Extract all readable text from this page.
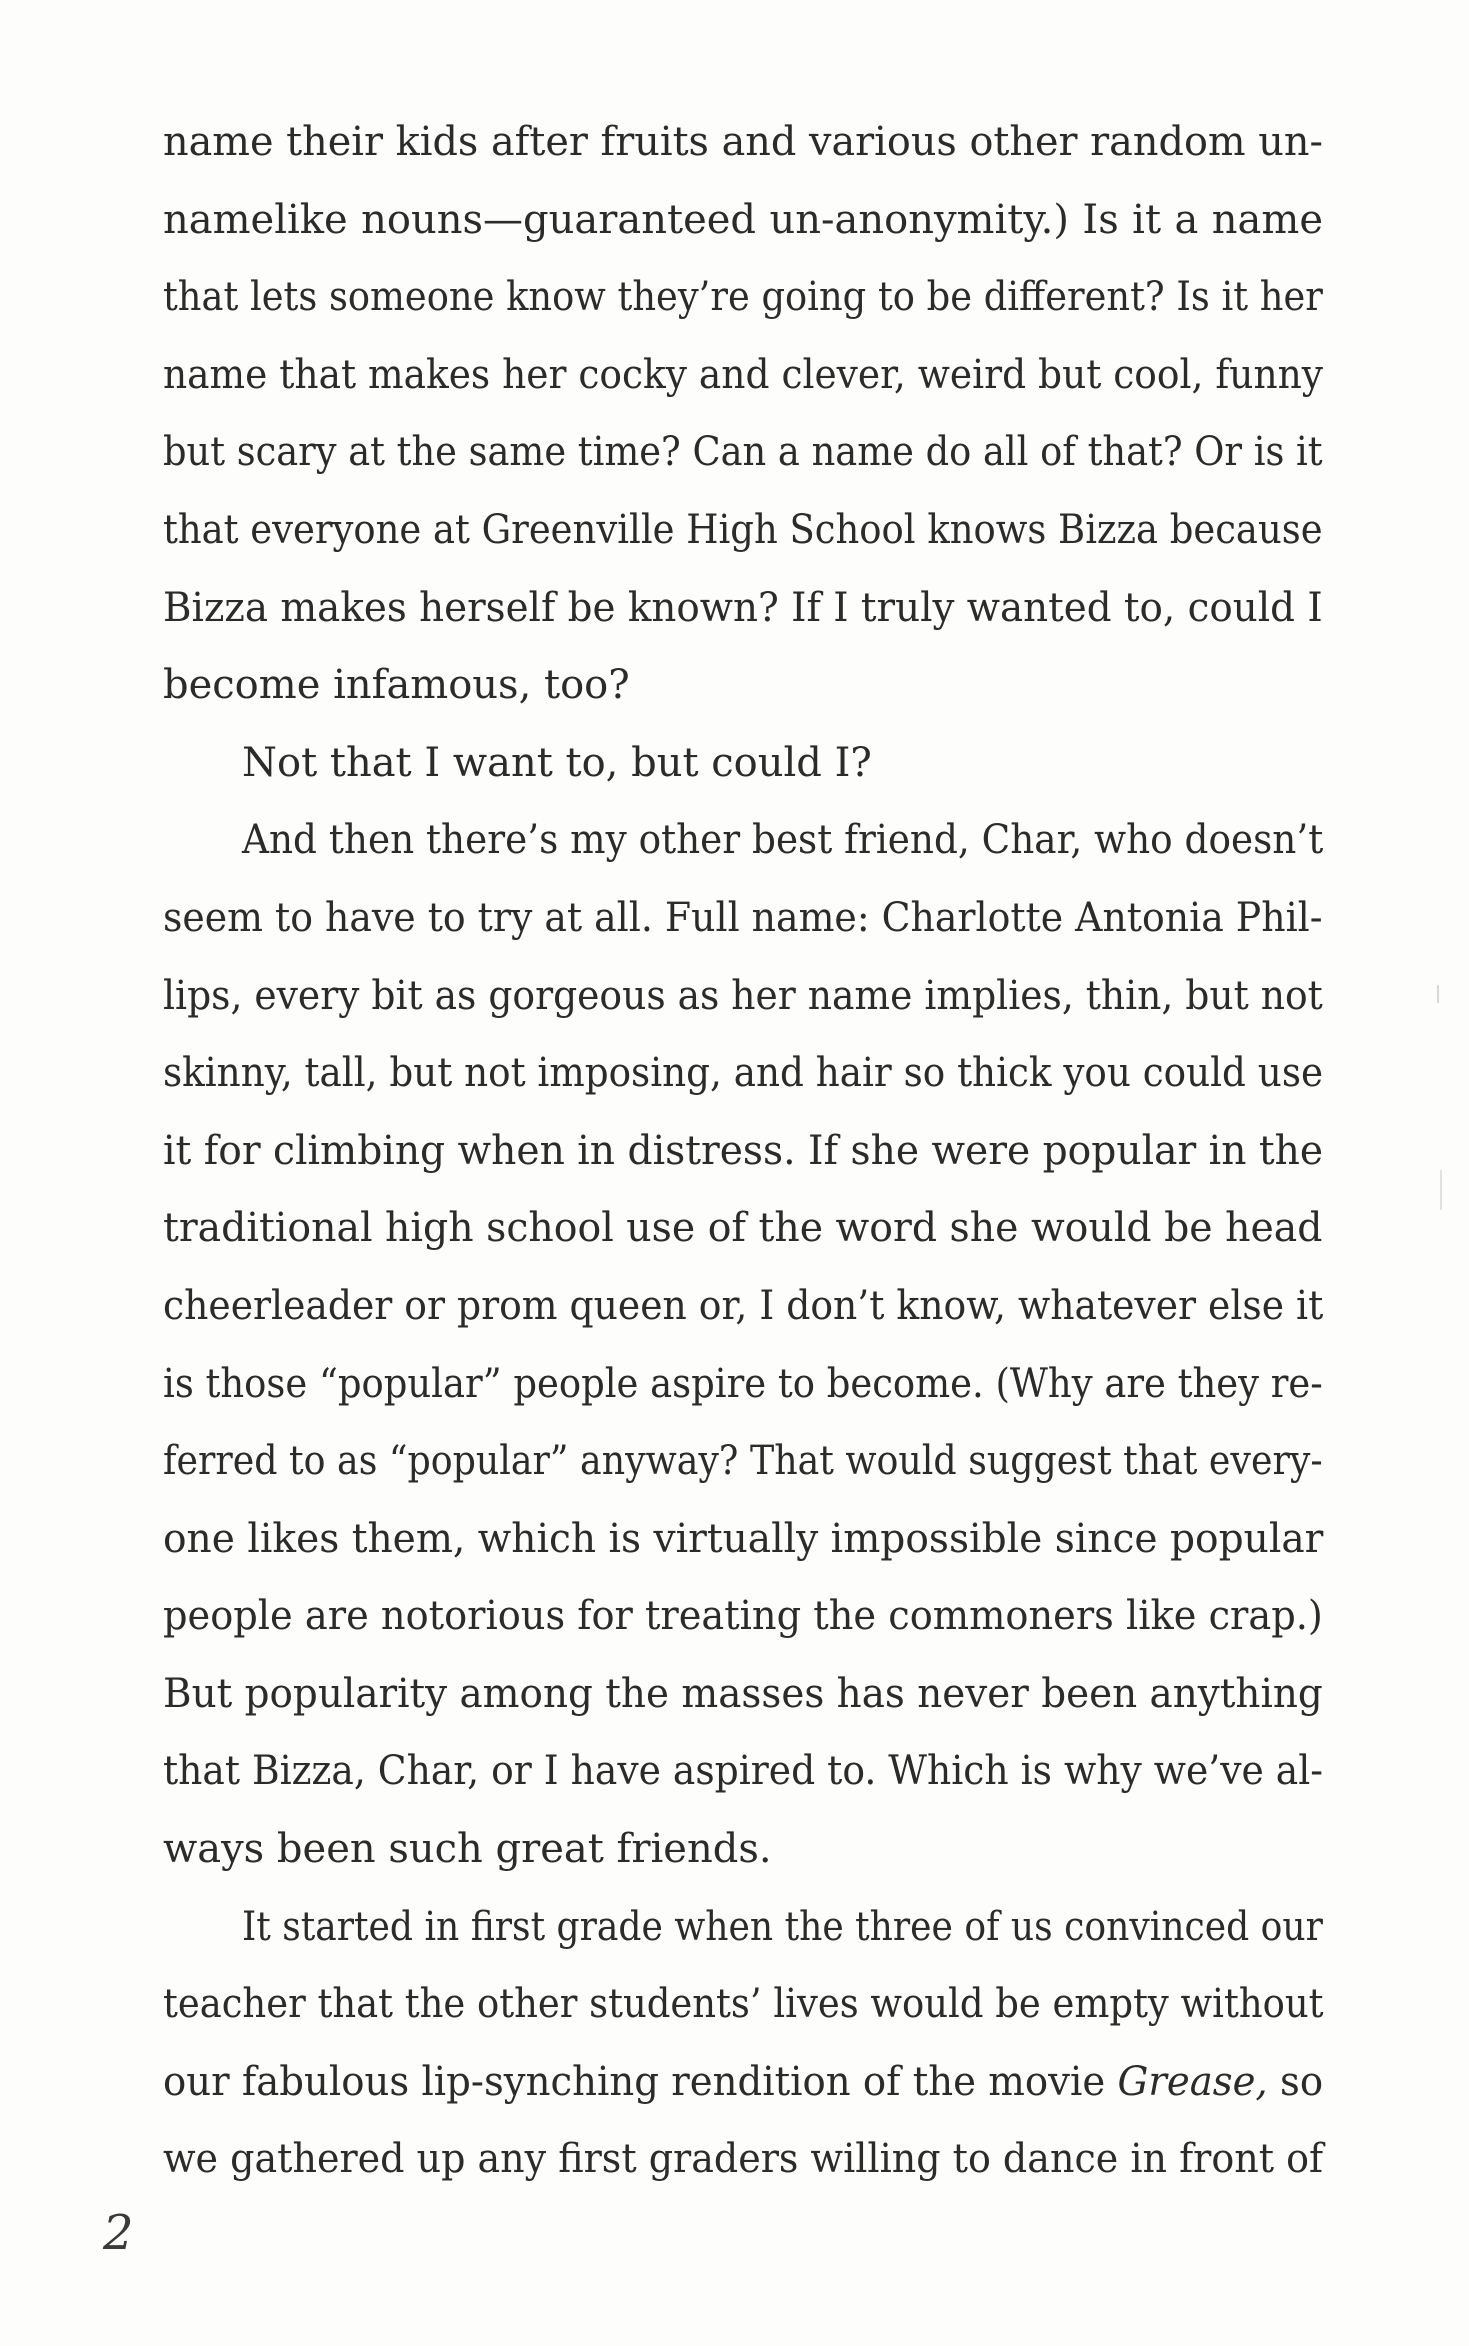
name their kids after fruits and various other random un-
namelike nouns—guaranteed un-anonymity.) Is it a name
that lets someone know they’re going to be different? Is it her
name that makes her cocky and clever, weird but cool, funny
but scary at the same time? Can a name do all of that? Or is it
that everyone at Greenville High School knows Bizza because
Bizza makes herself be known? If I truly wanted to, could I
become infamous, too?
Not that I want to, but could I?
And then there’s my other best friend, Char, who doesn’t
seem to have to try at all. Full name: Charlotte Antonia Phil-
lips, every bit as gorgeous as her name implies, thin, but not
skinny, tall, but not imposing, and hair so thick you could use
it for climbing when in distress. If she were popular in the
traditional high school use of the word she would be head
cheerleader or prom queen or, I don’t know, whatever else it
is those “popular” people aspire to become. (Why are they re-
ferred to as “popular” anyway? That would suggest that every-
one likes them, which is virtually impossible since popular
people are notorious for treating the commoners like crap.)
But popularity among the masses has never been anything
that Bizza, Char, or I have aspired to. Which is why we’ve al-
ways been such great friends.
It started in first grade when the three of us convinced our
teacher that the other students’ lives would be empty without
our fabulous lip-synching rendition of the movie Grease, so
we gathered up any first graders willing to dance in front of
2
